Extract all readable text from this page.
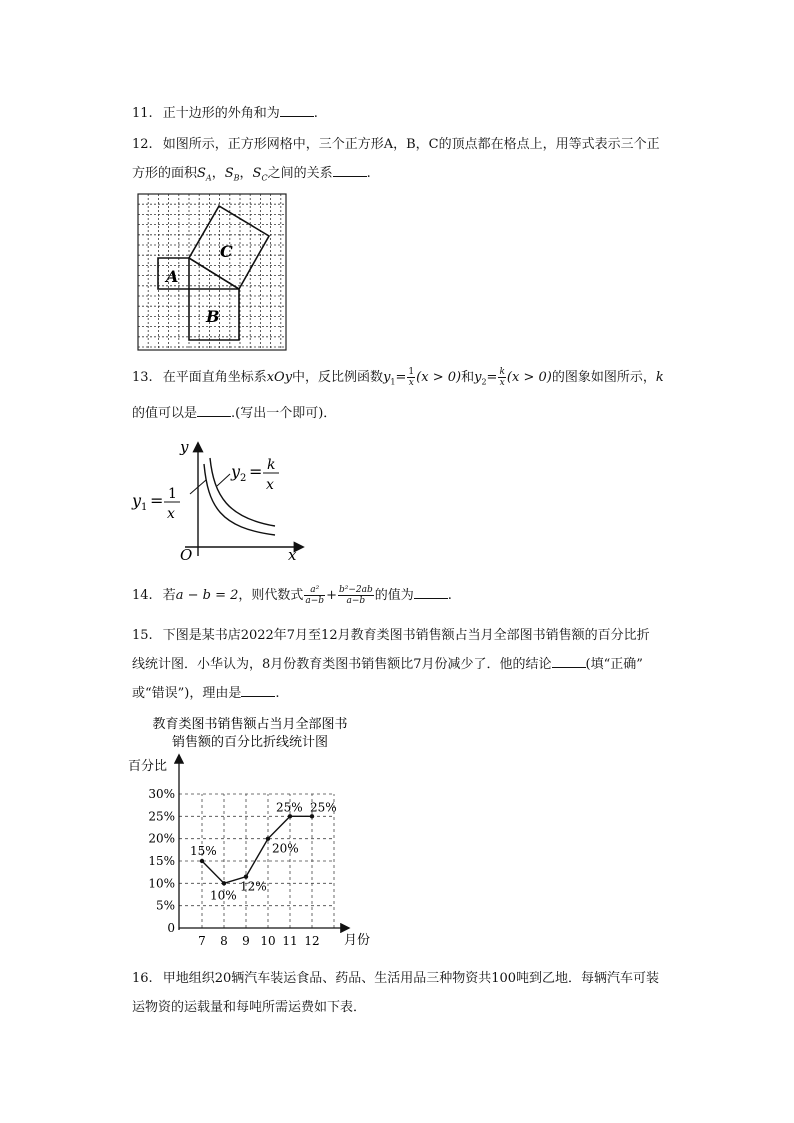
11. 正十边形的外角和为	.
12. 如图所示，正方形网格中，三个正方形A，B，C的顶点都在格点上，用等式表示三个正
方形的面积$S_A$，$S_B$，$S_C$之间的关系	.
A
B
C
13. 在平面直角坐标系xOy中，反比例函数$y_1= \frac{1}{x} (x > 0)$和$y_2= \frac{k}{x} (x > 0)$的图象如图所示，k
的值可以是	.(写出一个即可)．
y
x
O
y 1 = 1
x
y 2 = k
x
14. 若a − b = 2，则代数式 $\frac{\text{a²}}{a-b} + \frac{\text{b²−2ab}}{a-b}$ 的值为	.
15. 下图是某书店2022年7月至12月教育类图书销售额占当月全部图书销售额的百分比折
线统计图．小华认为，8月份教育类图书销售额比7月份减少了．他的结论	(填“正确”
或“错误”)，理由是	.
教育类图书销售额占当月全部图书
销售额的百分比折线统计图
百分比
月份
0
5%
10%
15%
20%
25%
30%
7 8 9 10 11 12
15%
10%
12%
20%
25% 25%
16. 甲地组织20辆汽车装运食品、药品、生活用品三种物资共100吨到乙地．每辆汽车可装
运物资的运载量和每吨所需运费如下表．
